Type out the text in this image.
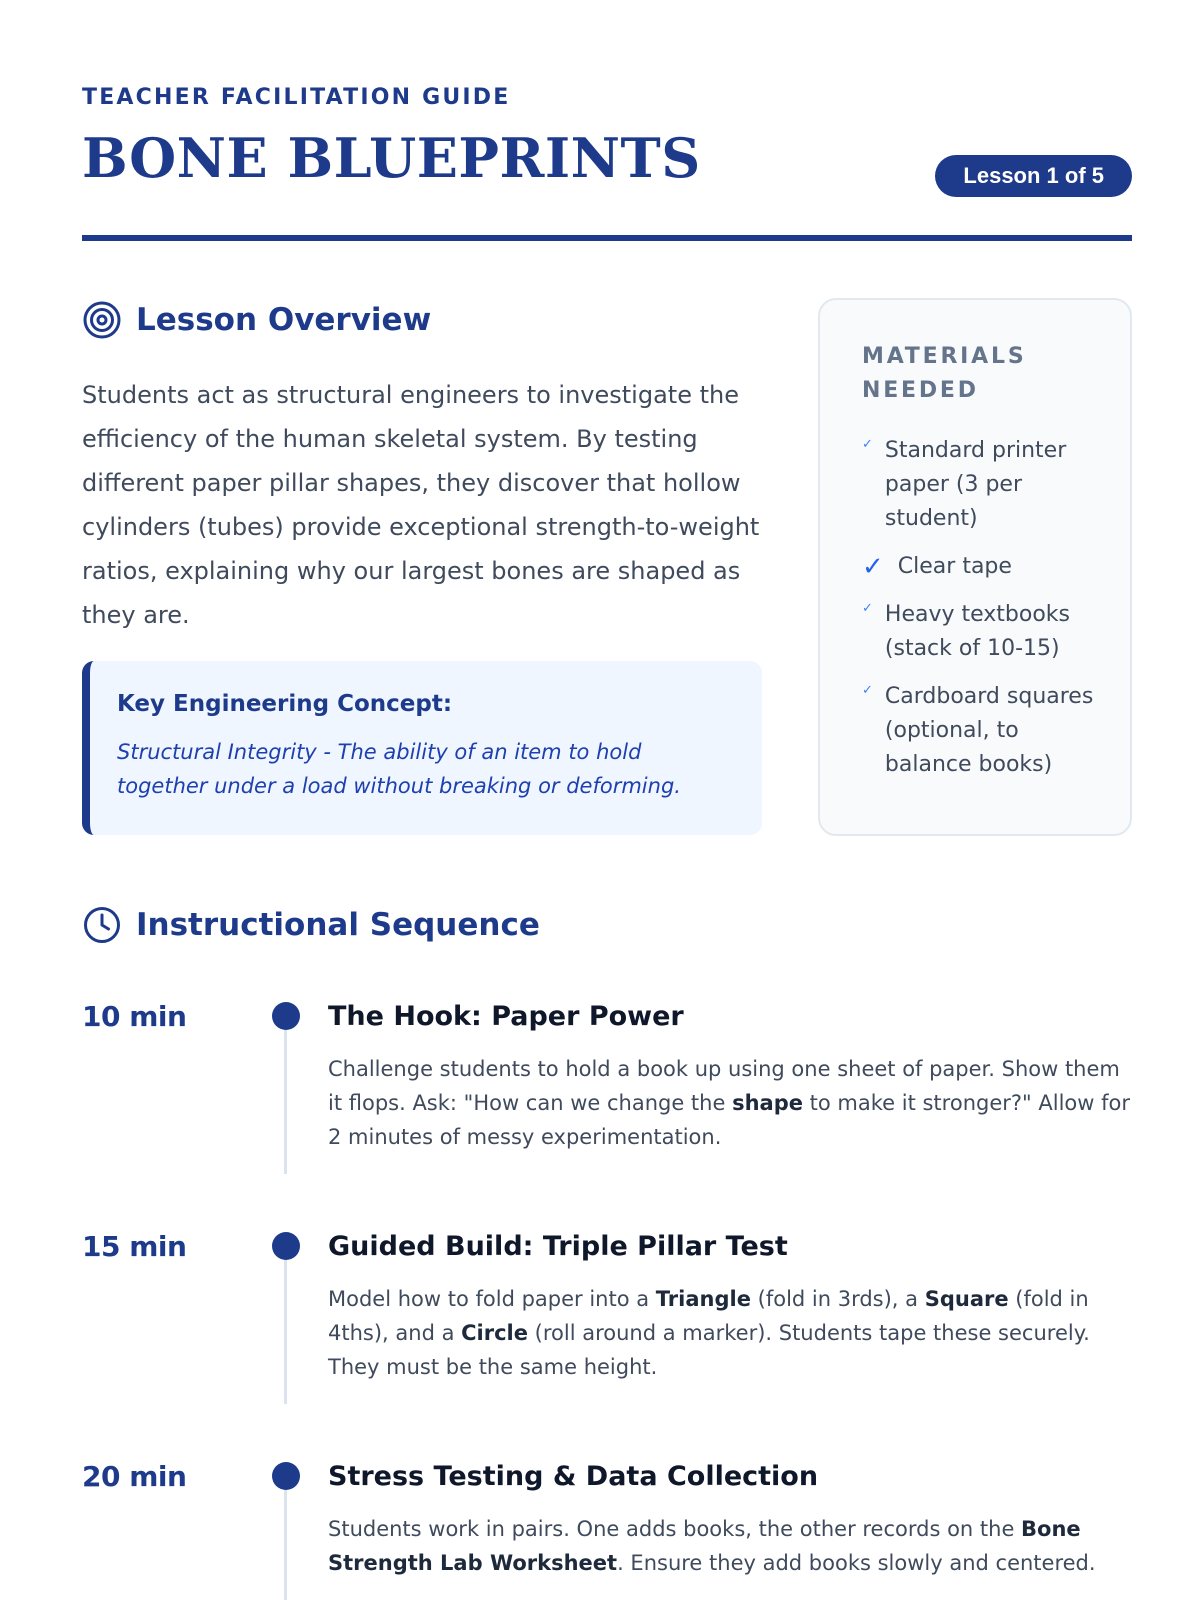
TEACHER FACILITATION GUIDE
BONE BLUEPRINTS	Lesson 1 of 5
Lesson Overview

Students act as structural engineers to investigate the efficiency of the human skeletal system. By testing different paper pillar shapes, they discover that hollow cylinders (tubes) provide exceptional strength-to-weight ratios, explaining why our largest bones are shaped as they are.

Key Engineering Concept:
Structural Integrity - The ability of an item to hold together under a load without breaking or deforming.
MATERIALS NEEDED
✓ Standard printer paper (3 per student)
✓ Clear tape
✓ Heavy textbooks (stack of 10-15)
✓ Cardboard squares (optional, to balance books)
Instructional Sequence
10 min	The Hook: Paper Power
Challenge students to hold a book up using one sheet of paper. Show them it flops. Ask: "How can we change the shape to make it stronger?" Allow for 2 minutes of messy experimentation.
15 min	Guided Build: Triple Pillar Test
Model how to fold paper into a Triangle (fold in 3rds), a Square (fold in 4ths), and a Circle (roll around a marker). Students tape these securely. They must be the same height.
20 min	Stress Testing & Data Collection
Students work in pairs. One adds books, the other records on the Bone Strength Lab Worksheet. Ensure they add books slowly and centered.
